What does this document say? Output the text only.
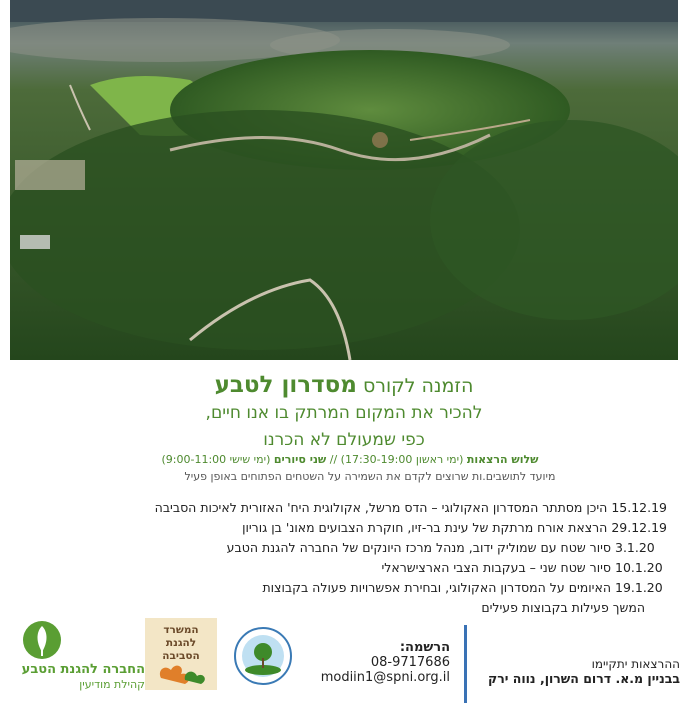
הזמנה לקורס מסדרון לטבע
להכיר את המקום המרתק בו אנו חיים,
כפי שמעולם לא הכרנו
שלוש הרצאות (ימי ראשון 17:30-19:00) // שני סיורים (ימי שישי 9:00-11:00)
מיועד לתושבים.ות שרוצים לקדם את השמירה על השטחים הפתוחים באופן פעיל
15.12.19 היכן מסתתר המסדרון האקולוגי – הדס מרשל, אקולוגית היח' האזורית לאיכות הסביבה
29.12.19 הרצאת אורח מרתקת של עינת בר-זיו, חוקרת הצבועים מאונ' בן גוריון
3.1.20 סיור שטח עם שמוליק ידוב, מנהל מרכז היונקים של החברה להגנת הטבע
10.1.20 סיור שטח שני – בעקבות הצבי הארצישראלי
19.1.20 האיומים על המסדרון האקולוגי, ובחירת אפשרויות פעולה בקבוצות
המשך פעילות בקבוצות פעילים
החברה להגנת הטבע
קהילת מודיעין
המשרד
להגנת
הסביבה
הרשמה:
08-9717686
modiin1@spni.org.il
ההרצאות יתקיימו
בבניין מ.א. דרום השרון, נווה ירק
